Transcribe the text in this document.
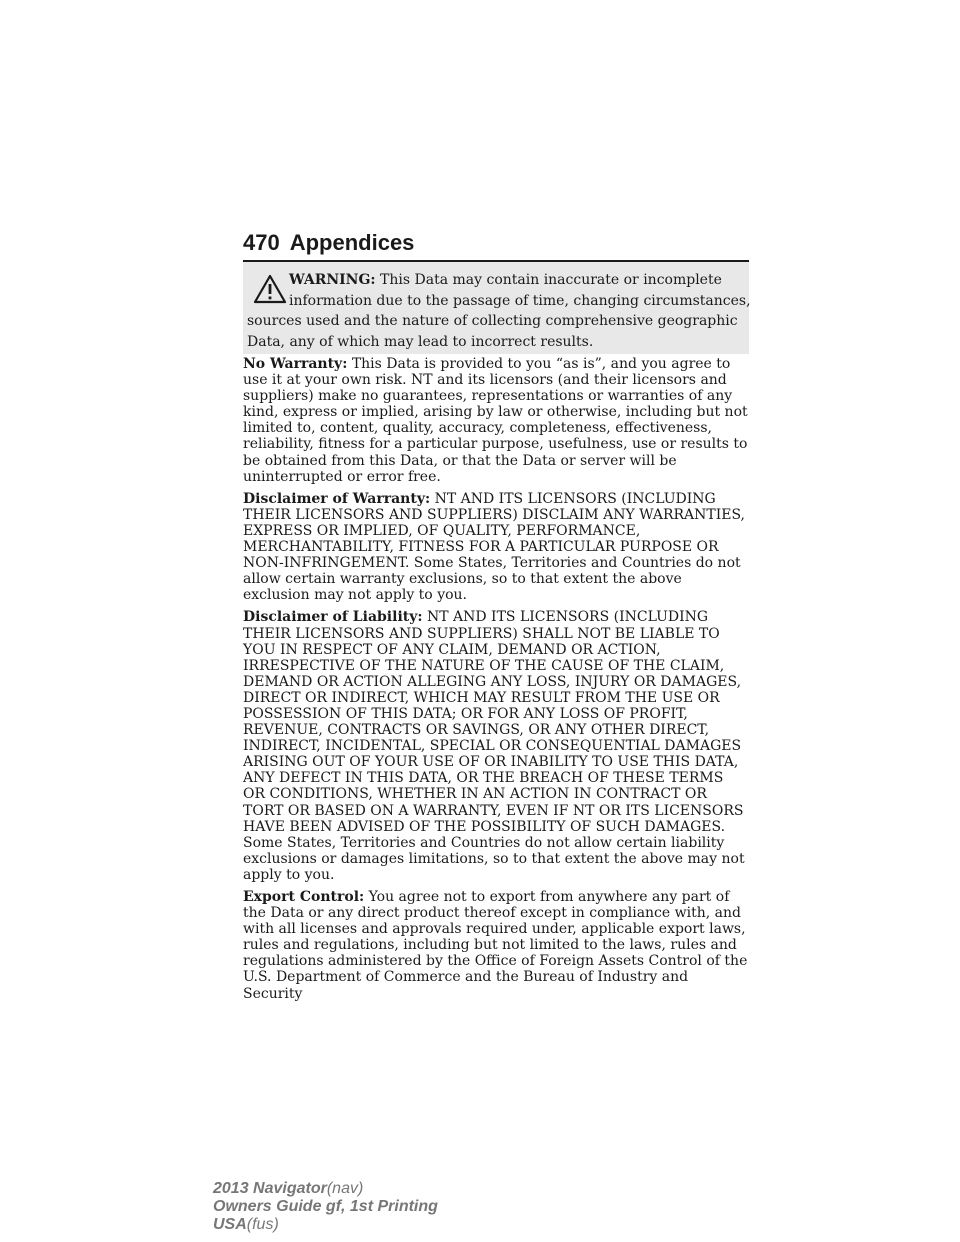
470 Appendices
WARNING: This Data may contain inaccurate or incomplete
information due to the passage of time, changing circumstances,
sources used and the nature of collecting comprehensive geographic
Data, any of which may lead to incorrect results.

No Warranty: This Data is provided to you “as is”, and you agree to use it at your own risk. NT and its licensors (and their licensors and suppliers) make no guarantees, representations or warranties of any kind, express or implied, arising by law or otherwise, including but not limited to, content, quality, accuracy, completeness, effectiveness, reliability, fitness for a particular purpose, usefulness, use or results to be obtained from this Data, or that the Data or server will be uninterrupted or error free.

Disclaimer of Warranty: NT AND ITS LICENSORS (INCLUDING THEIR LICENSORS AND SUPPLIERS) DISCLAIM ANY WARRANTIES, EXPRESS OR IMPLIED, OF QUALITY, PERFORMANCE, MERCHANTABILITY, FITNESS FOR A PARTICULAR PURPOSE OR NON-INFRINGEMENT. Some States, Territories and Countries do not allow certain warranty exclusions, so to that extent the above exclusion may not apply to you.

Disclaimer of Liability: NT AND ITS LICENSORS (INCLUDING THEIR LICENSORS AND SUPPLIERS) SHALL NOT BE LIABLE TO YOU IN RESPECT OF ANY CLAIM, DEMAND OR ACTION, IRRESPECTIVE OF THE NATURE OF THE CAUSE OF THE CLAIM, DEMAND OR ACTION ALLEGING ANY LOSS, INJURY OR DAMAGES, DIRECT OR INDIRECT, WHICH MAY RESULT FROM THE USE OR POSSESSION OF THIS DATA; OR FOR ANY LOSS OF PROFIT, REVENUE, CONTRACTS OR SAVINGS, OR ANY OTHER DIRECT, INDIRECT, INCIDENTAL, SPECIAL OR CONSEQUENTIAL DAMAGES ARISING OUT OF YOUR USE OF OR INABILITY TO USE THIS DATA, ANY DEFECT IN THIS DATA, OR THE BREACH OF THESE TERMS OR CONDITIONS, WHETHER IN AN ACTION IN CONTRACT OR TORT OR BASED ON A WARRANTY, EVEN IF NT OR ITS LICENSORS HAVE BEEN ADVISED OF THE POSSIBILITY OF SUCH DAMAGES. Some States, Territories and Countries do not allow certain liability exclusions or damages limitations, so to that extent the above may not apply to you.

Export Control: You agree not to export from anywhere any part of the Data or any direct product thereof except in compliance with, and with all licenses and approvals required under, applicable export laws, rules and regulations, including but not limited to the laws, rules and regulations administered by the Office of Foreign Assets Control of the U.S. Department of Commerce and the Bureau of Industry and Security

2013 Navigator(nav)
Owners Guide gf, 1st Printing
USA(fus)
